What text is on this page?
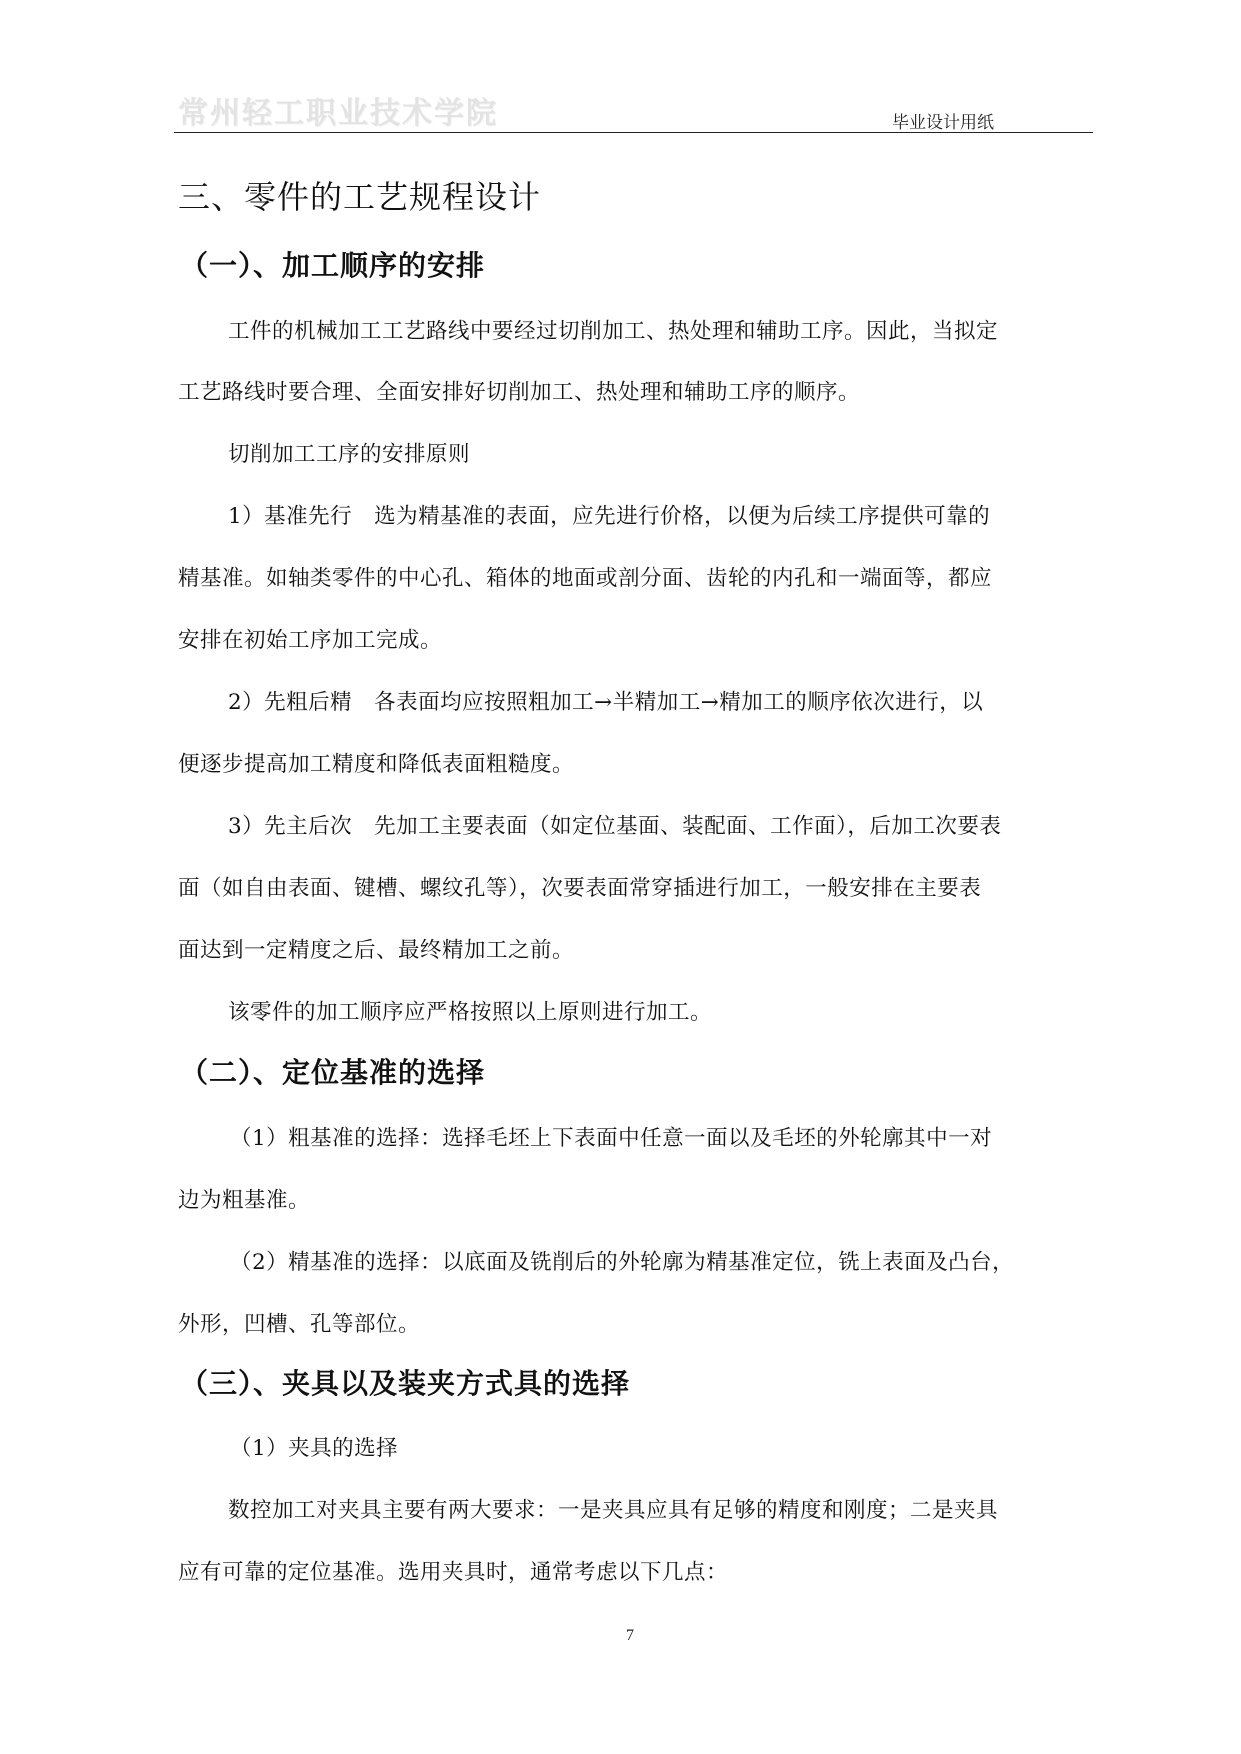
常州轻工职业技术学院	毕业设计用纸
三、零件的工艺规程设计
（一）、加工顺序的安排
工件的机械加工工艺路线中要经过切削加工、热处理和辅助工序。因此，当拟定
工艺路线时要合理、全面安排好切削加工、热处理和辅助工序的顺序。
切削加工工序的安排原则
1）基准先行　选为精基准的表面，应先进行价格，以便为后续工序提供可靠的
精基准。如轴类零件的中心孔、箱体的地面或剖分面、齿轮的内孔和一端面等，都应
安排在初始工序加工完成。
2）先粗后精　各表面均应按照粗加工→半精加工→精加工的顺序依次进行，以
便逐步提高加工精度和降低表面粗糙度。
3）先主后次　先加工主要表面（如定位基面、装配面、工作面），后加工次要表
面（如自由表面、键槽、螺纹孔等），次要表面常穿插进行加工，一般安排在主要表
面达到一定精度之后、最终精加工之前。
该零件的加工顺序应严格按照以上原则进行加工。
（二）、定位基准的选择
（1）粗基准的选择：选择毛坯上下表面中任意一面以及毛坯的外轮廓其中一对
边为粗基准。
（2）精基准的选择：以底面及铣削后的外轮廓为精基准定位，铣上表面及凸台，
外形，凹槽、孔等部位。
（三）、夹具以及装夹方式具的选择
（1）夹具的选择
数控加工对夹具主要有两大要求：一是夹具应具有足够的精度和刚度；二是夹具
应有可靠的定位基准。选用夹具时，通常考虑以下几点：
7
